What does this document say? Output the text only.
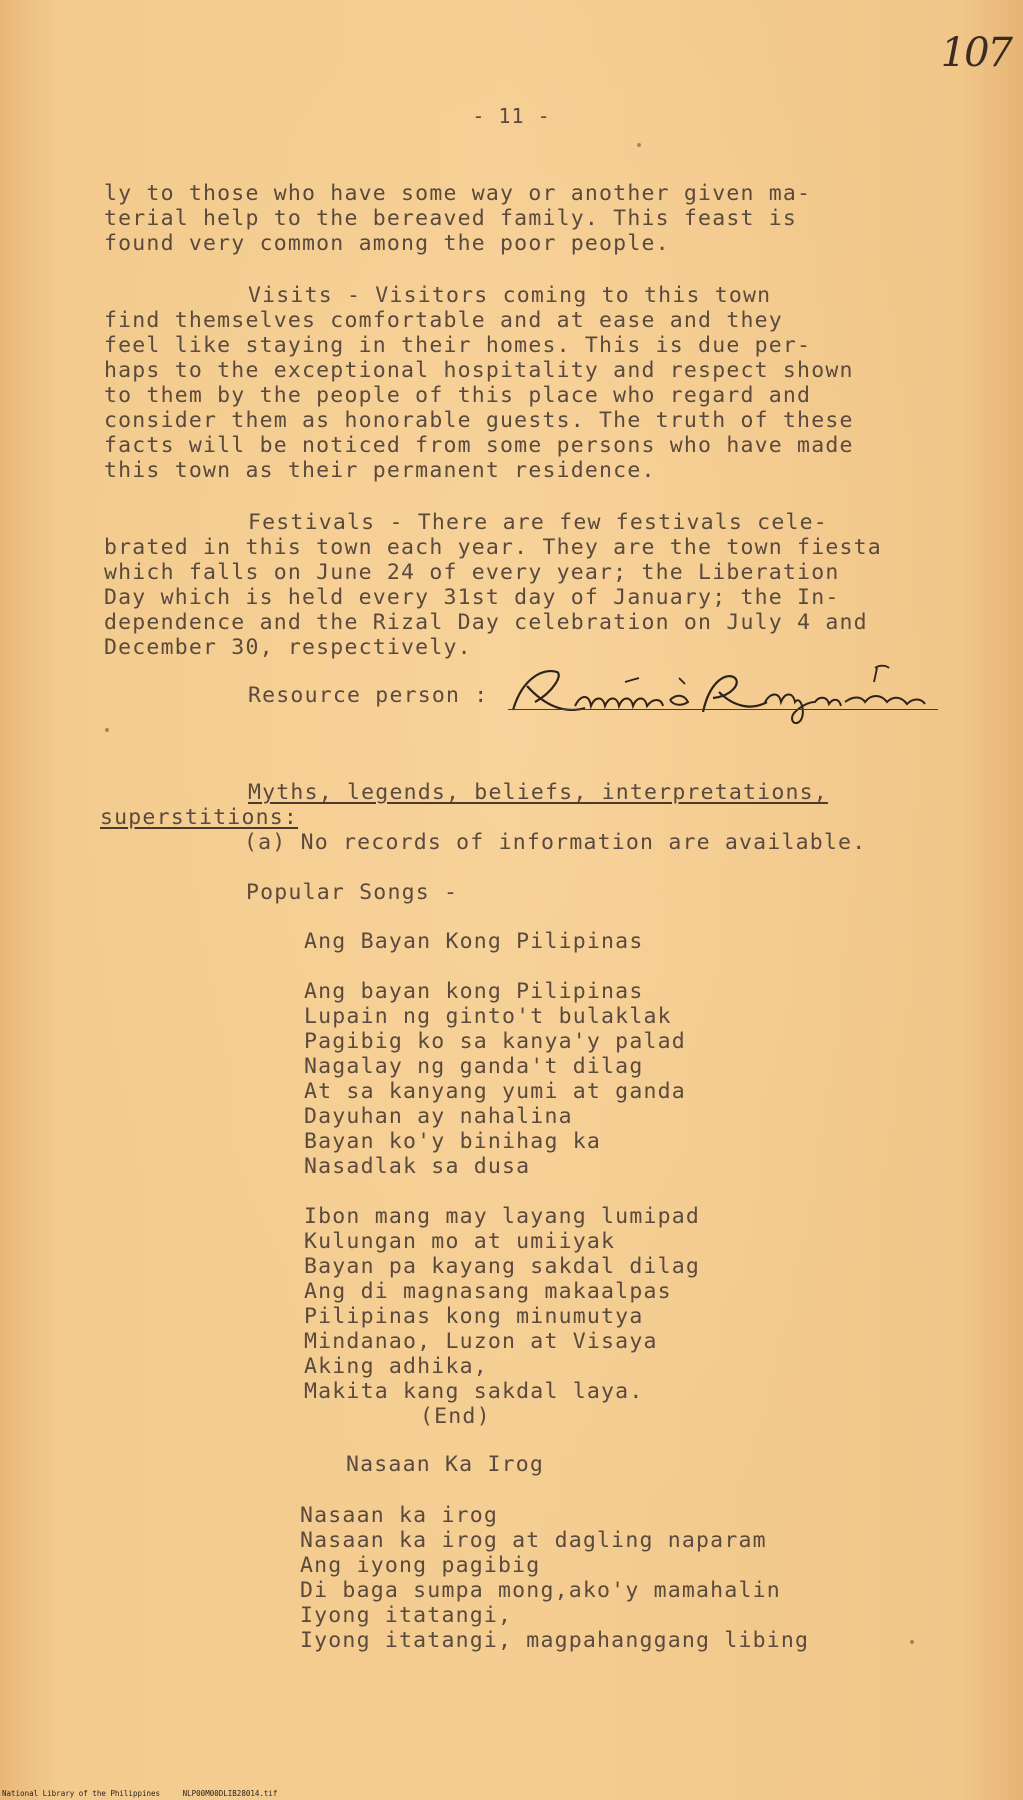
107
- 11 -
ly to those who have some way or another given ma-
terial help to the bereaved family. This feast is
found very common among the poor people.
Visits - Visitors coming to this town
find themselves comfortable and at ease and they
feel like staying in their homes. This is due per-
haps to the exceptional hospitality and respect shown
to them by the people of this place who regard and
consider them as honorable guests. The truth of these
facts will be noticed from some persons who have made
this town as their permanent residence.
Festivals - There are few festivals cele-
brated in this town each year. They are the town fiesta
which falls on June 24 of every year; the Liberation
Day which is held every 31st day of January; the In-
dependence and the Rizal Day celebration on July 4 and
December 30, respectively.
Resource person :
Myths, legends, beliefs, interpretations,
superstitions:
(a) No records of information are available.
Popular Songs -
Ang Bayan Kong Pilipinas
Ang bayan kong Pilipinas
Lupain ng ginto't bulaklak
Pagibig ko sa kanya'y palad
Nagalay ng ganda't dilag
At sa kanyang yumi at ganda
Dayuhan ay nahalina
Bayan ko'y binihag ka
Nasadlak sa dusa
Ibon mang may layang lumipad
Kulungan mo at umiiyak
Bayan pa kayang sakdal dilag
Ang di magnasang makaalpas
Pilipinas kong minumutya
Mindanao, Luzon at Visaya
Aking adhika,
Makita kang sakdal laya.
(End)
Nasaan Ka Irog
Nasaan ka irog
Nasaan ka irog at dagling naparam
Ang iyong pagibig
Di baga sumpa mong,ako'y mamahalin
Iyong itatangi,
Iyong itatangi, magpahanggang libing
National Library of the Philippines     NLP00M00DLIB28014.tif
